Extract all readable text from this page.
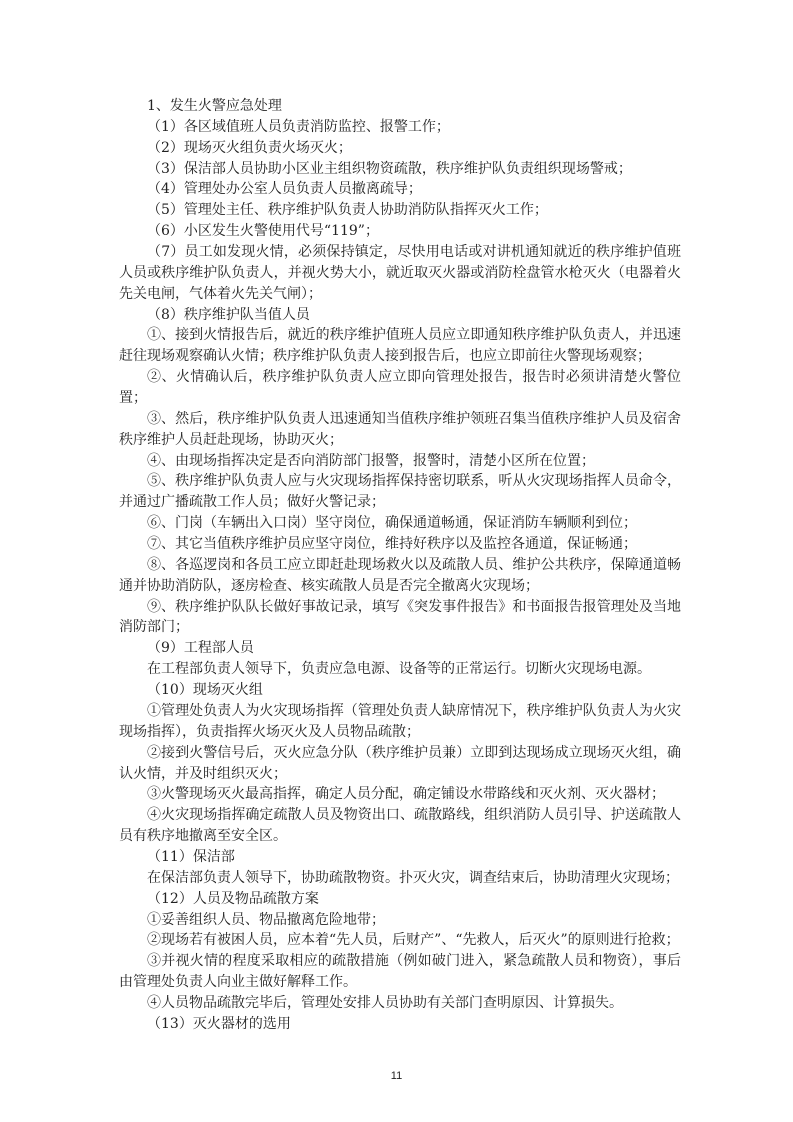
1、发生火警应急处理

（1）各区域值班人员负责消防监控、报警工作；

（2）现场灭火组负责火场灭火；

（3）保洁部人员协助小区业主组织物资疏散，秩序维护队负责组织现场警戒；

（4）管理处办公室人员负责人员撤离疏导；

（5）管理处主任、秩序维护队负责人协助消防队指挥灭火工作；

（6）小区发生火警使用代号“119”；

（7）员工如发现火情，必须保持镇定，尽快用电话或对讲机通知就近的秩序维护值班人员或秩序维护队负责人，并视火势大小，就近取灭火器或消防栓盘管水枪灭火（电器着火先关电闸，气体着火先关气闸）；

（8）秩序维护队当值人员

①、接到火情报告后，就近的秩序维护值班人员应立即通知秩序维护队负责人，并迅速赶往现场观察确认火情；秩序维护队负责人接到报告后，也应立即前往火警现场观察；

②、火情确认后，秩序维护队负责人应立即向管理处报告，报告时必须讲清楚火警位置；

③、然后，秩序维护队负责人迅速通知当值秩序维护领班召集当值秩序维护人员及宿舍秩序维护人员赶赴现场，协助灭火；

④、由现场指挥决定是否向消防部门报警，报警时，清楚小区所在位置；

⑤、秩序维护队负责人应与火灾现场指挥保持密切联系，听从火灾现场指挥人员命令，并通过广播疏散工作人员；做好火警记录；

⑥、门岗（车辆出入口岗）坚守岗位，确保通道畅通，保证消防车辆顺利到位；

⑦、其它当值秩序维护员应坚守岗位，维持好秩序以及监控各通道，保证畅通；

⑧、各巡逻岗和各员工应立即赶赴现场救火以及疏散人员、维护公共秩序，保障通道畅通并协助消防队，逐房检查、核实疏散人员是否完全撤离火灾现场；

⑨、秩序维护队队长做好事故记录，填写《突发事件报告》和书面报告报管理处及当地消防部门；

（9）工程部人员

在工程部负责人领导下，负责应急电源、设备等的正常运行。切断火灾现场电源。

（10）现场灭火组

①管理处负责人为火灾现场指挥（管理处负责人缺席情况下，秩序维护队负责人为火灾现场指挥），负责指挥火场灭火及人员物品疏散；

②接到火警信号后，灭火应急分队（秩序维护员兼）立即到达现场成立现场灭火组，确认火情，并及时组织灭火；

③火警现场灭火最高指挥，确定人员分配，确定铺设水带路线和灭火剂、灭火器材；

④火灾现场指挥确定疏散人员及物资出口、疏散路线，组织消防人员引导、护送疏散人员有秩序地撤离至安全区。

（11）保洁部

在保洁部负责人领导下，协助疏散物资。扑灭火灾，调查结束后，协助清理火灾现场；

（12）人员及物品疏散方案

①妥善组织人员、物品撤离危险地带；

②现场若有被困人员，应本着“先人员，后财产”、“先救人，后灭火”的原则进行抢救；

③并视火情的程度采取相应的疏散措施（例如破门进入，紧急疏散人员和物资），事后由管理处负责人向业主做好解释工作。

④人员物品疏散完毕后，管理处安排人员协助有关部门查明原因、计算损失。

（13）灭火器材的选用

11
